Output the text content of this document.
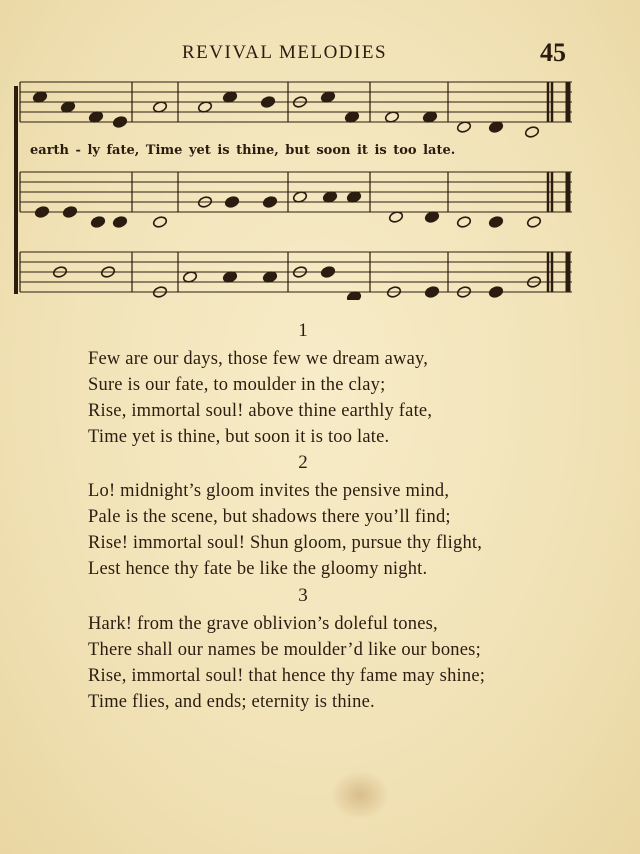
REVIVAL MELODIES	45
earth - ly fate, Time yet is thine, but soon it is too late.
1
Few are our days, those few we dream away,
Sure is our fate, to moulder in the clay;
Rise, immortal soul! above thine earthly fate,
Time yet is thine, but soon it is too late.
2
Lo! midnight’s gloom invites the pensive mind,
Pale is the scene, but shadows there you’ll find;
Rise! immortal soul! Shun gloom, pursue thy flight,
Lest hence thy fate be like the gloomy night.
3
Hark! from the grave oblivion’s doleful tones,
There shall our names be moulder’d like our bones;
Rise, immortal soul! that hence thy fame may shine;
Time flies, and ends; eternity is thine.
